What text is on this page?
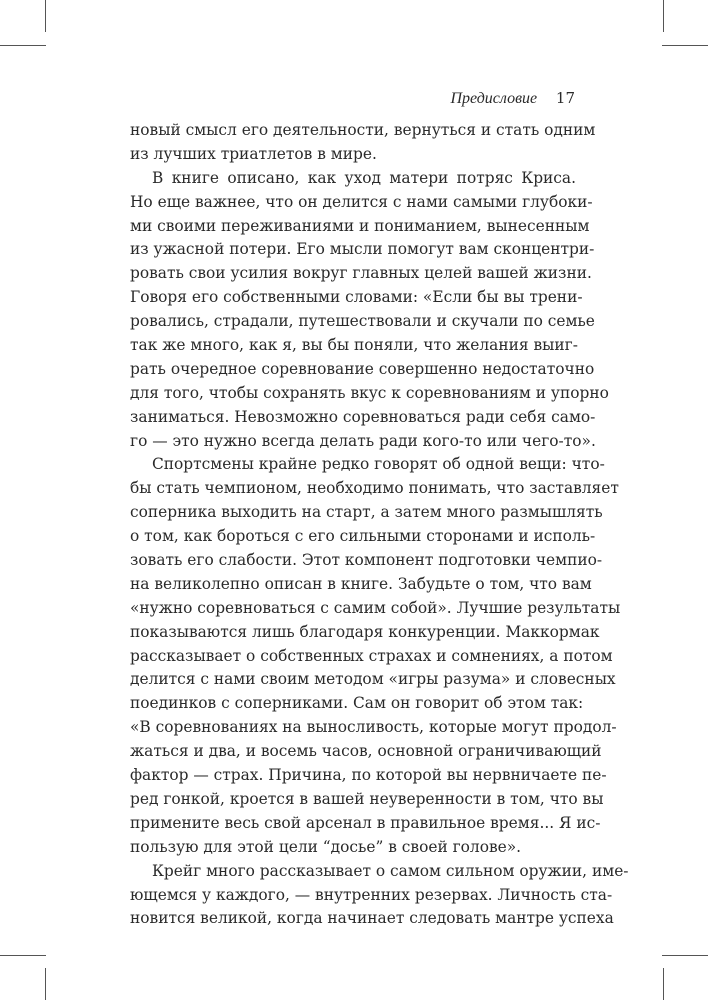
Предисловие 17
новый смысл его деятельности, вернуться и стать одним
из лучших триатлетов в мире.
В книге описано, как уход матери потряс Криса.
Но еще важнее, что он делится с нами самыми глубоки-
ми своими переживаниями и пониманием, вынесенным
из ужасной потери. Его мысли помогут вам сконцентри-
ровать свои усилия вокруг главных целей вашей жизни.
Говоря его собственными словами: «Если бы вы трени-
ровались, страдали, путешествовали и скучали по семье
так же много, как я, вы бы поняли, что желания выиг-
рать очередное соревнование совершенно недостаточно
для того, чтобы сохранять вкус к соревнованиям и упорно
заниматься. Невозможно соревноваться ради себя само-
го — это нужно всегда делать ради кого-то или чего-то».
Спортсмены крайне редко говорят об одной вещи: что-
бы стать чемпионом, необходимо понимать, что заставляет
соперника выходить на старт, а затем много размышлять
о том, как бороться с его сильными сторонами и исполь-
зовать его слабости. Этот компонент подготовки чемпио-
на великолепно описан в книге. Забудьте о том, что вам
«нужно соревноваться с самим собой». Лучшие результаты
показываются лишь благодаря конкуренции. Маккормак
рассказывает о собственных страхах и сомнениях, а потом
делится с нами своим методом «игры разума» и словесных
поединков с соперниками. Сам он говорит об этом так:
«В соревнованиях на выносливость, которые могут продол-
жаться и два, и восемь часов, основной ограничивающий
фактор — страх. Причина, по которой вы нервничаете пе-
ред гонкой, кроется в вашей неуверенности в том, что вы
примените весь свой арсенал в правильное время... Я ис-
пользую для этой цели “досье” в своей голове».
Крейг много рассказывает о самом сильном оружии, име-
ющемся у каждого, — внутренних резервах. Личность ста-
новится великой, когда начинает следовать мантре успеха
